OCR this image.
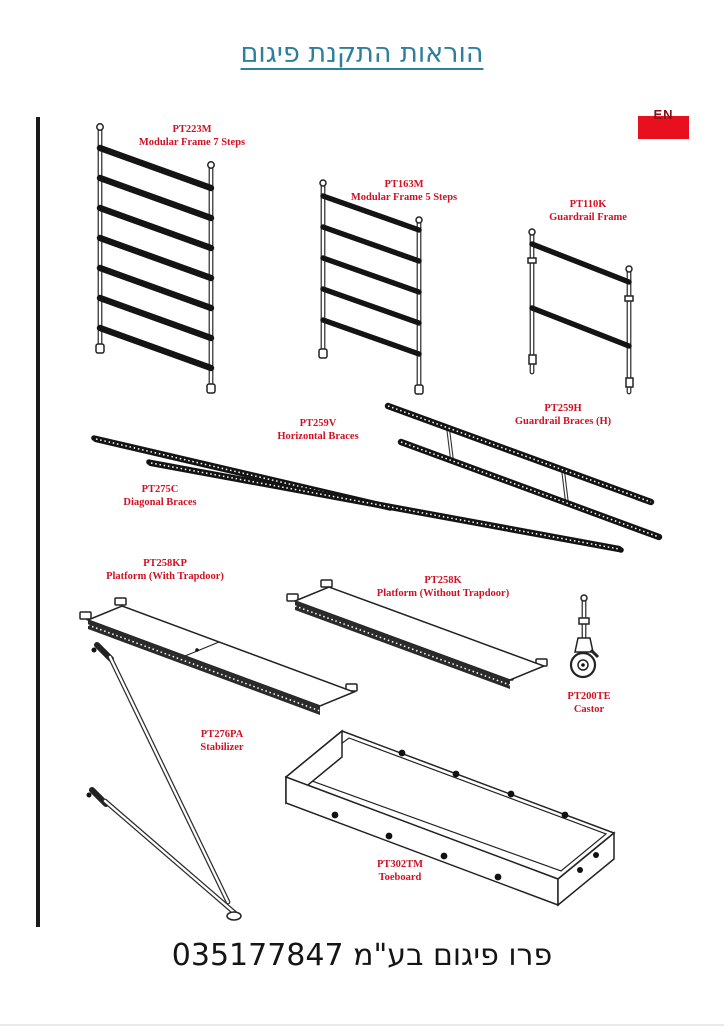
הוראות התקנת פיגום
EN
PT223M
Modular Frame 7 Steps
PT163M
Modular Frame 5 Steps
PT110K
Guardrail Frame
PT259V
Horizontal Braces
PT259H
Guardrail Braces (H)
PT275C
Diagonal Braces
PT258KP
Platform (With Trapdoor)	PT258K
Platform (Without Trapdoor)
PT200TE
Castor
PT276PA
Stabilizer
PT302TM
Toeboard
פרו פיגום בע"מ 035177847
